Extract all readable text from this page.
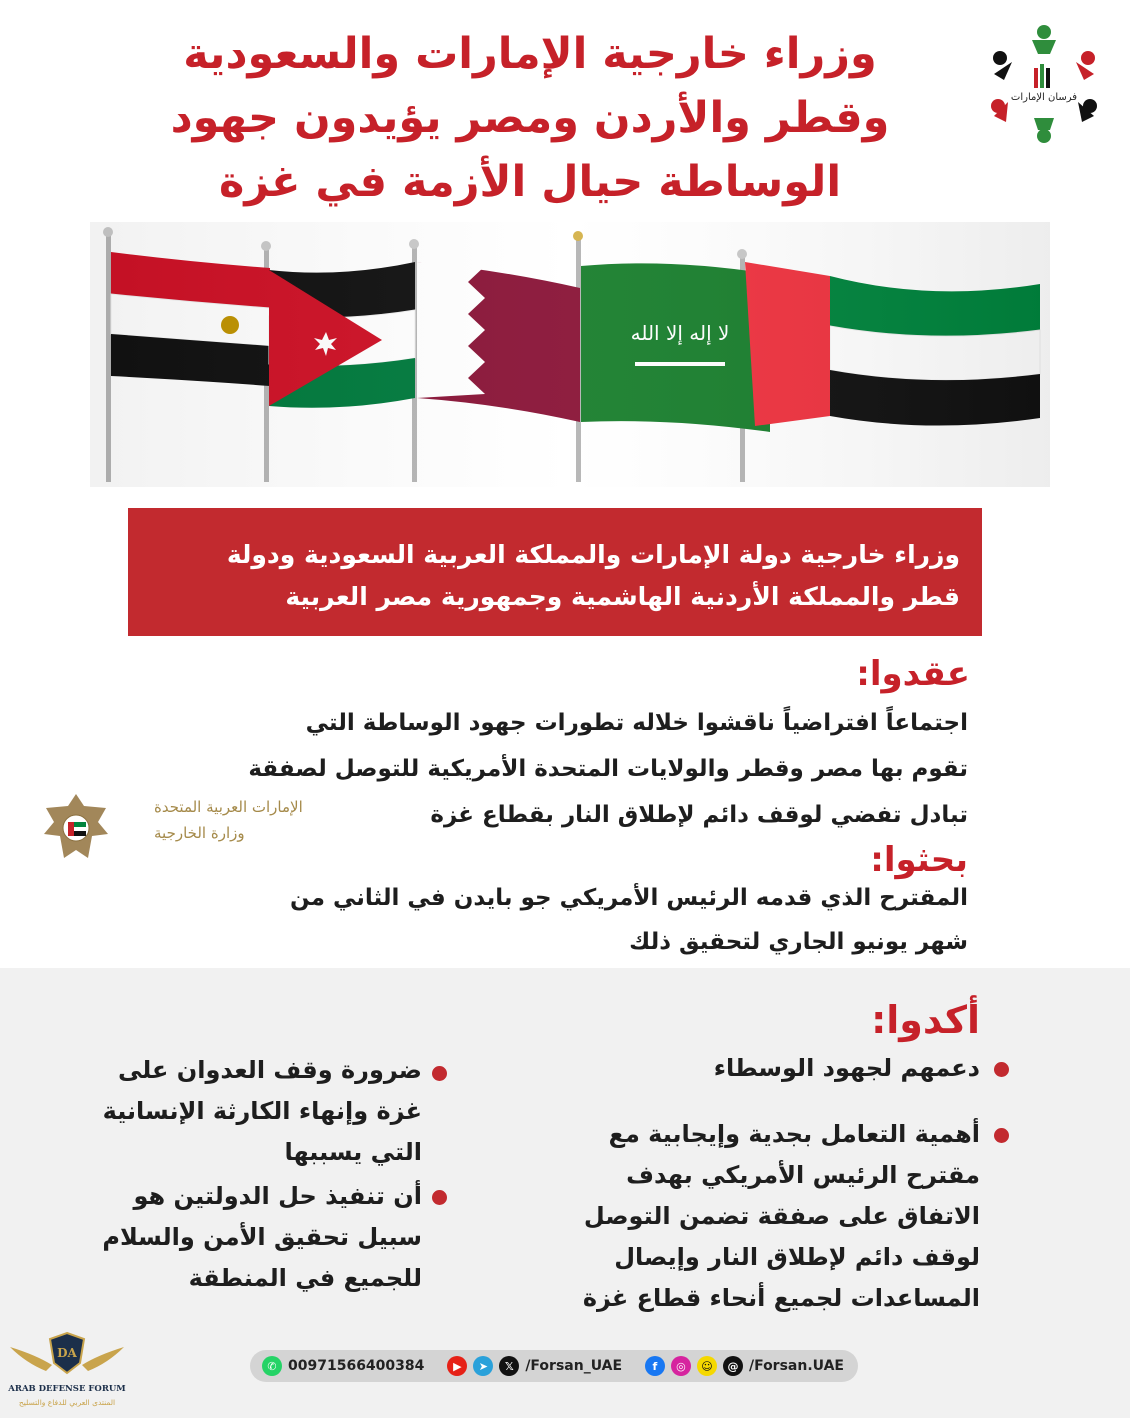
وزراء خارجية الإمارات والسعودية
وقطر والأردن ومصر يؤيدون جهود
الوساطة حيال الأزمة في غزة
فرسان الإمارات
لا إله إلا الله
وزراء خارجية دولة الإمارات والمملكة العربية السعودية ودولة
قطر والمملكة الأردنية الهاشمية وجمهورية مصر العربية
عقدوا:
اجتماعاً افتراضياً ناقشوا خلاله تطورات جهود الوساطة التي
تقوم بها مصر وقطر والولايات المتحدة الأمريكية للتوصل لصفقة
تبادل تفضي لوقف دائم لإطلاق النار بقطاع غزة
الإمارات العربية المتحدة
وزارة الخارجية
بحثوا:
المقترح الذي قدمه الرئيس الأمريكي جو بايدن في الثاني من
شهر يونيو الجاري لتحقيق ذلك
أكدوا:
دعمهم لجهود الوسطاء
أهمية التعامل بجدية وإيجابية مع
مقترح الرئيس الأمريكي بهدف
الاتفاق على صفقة تضمن التوصل
لوقف دائم لإطلاق النار وإيصال
المساعدات لجميع أنحاء قطاع غزة
ضرورة وقف العدوان على
غزة وإنهاء الكارثة الإنسانية
التي يسببها
أن تنفيذ حل الدولتين هو
سبيل تحقيق الأمن والسلام
للجميع في المنطقة
✆ 00971566400384	▶	➤	𝕏 /Forsan_UAE	f	◎	☺	@ /Forsan.UAE
DA
ARAB DEFENSE FORUM
المنتدى العربي للدفاع والتسليح
